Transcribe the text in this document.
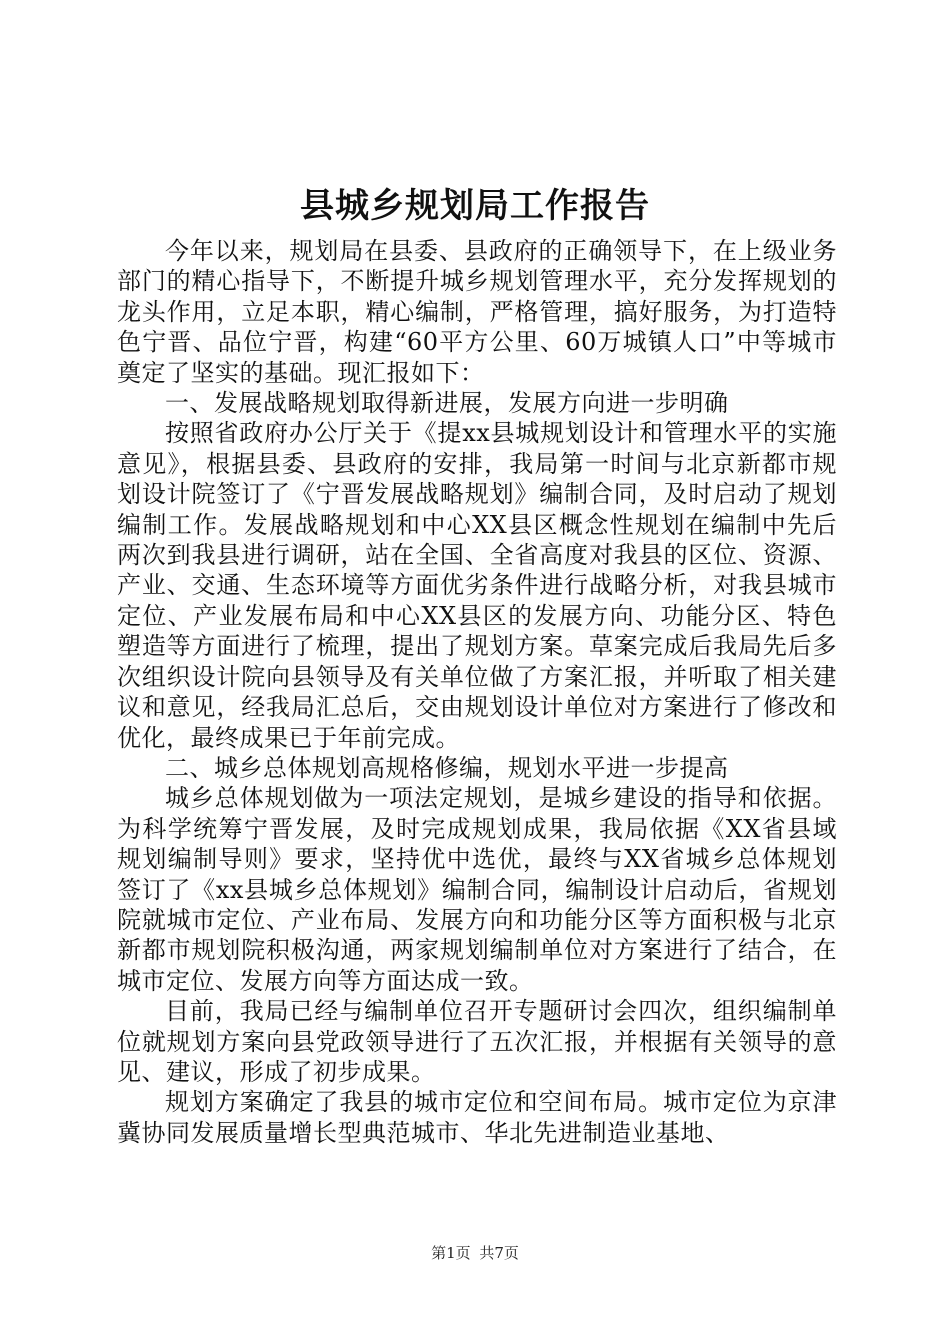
县城乡规划局工作报告

今年以来，规划局在县委、县政府的正确领导下，在上级业务部门的精心指导下，不断提升城乡规划管理水平，充分发挥规划的龙头作用，立足本职，精心编制，严格管理，搞好服务，为打造特色宁晋、品位宁晋，构建“60平方公里、60万城镇人口”中等城市奠定了坚实的基础。现汇报如下：

一、发展战略规划取得新进展，发展方向进一步明确

按照省政府办公厅关于《提xx县城规划设计和管理水平的实施意见》，根据县委、县政府的安排，我局第一时间与北京新都市规划设计院签订了《宁晋发展战略规划》编制合同，及时启动了规划编制工作。发展战略规划和中心XX县区概念性规划在编制中先后两次到我县进行调研，站在全国、全省高度对我县的区位、资源、产业、交通、生态环境等方面优劣条件进行战略分析，对我县城市定位、产业发展布局和中心XX县区的发展方向、功能分区、特色塑造等方面进行了梳理，提出了规划方案。草案完成后我局先后多次组织设计院向县领导及有关单位做了方案汇报，并听取了相关建议和意见，经我局汇总后，交由规划设计单位对方案进行了修改和优化，最终成果已于年前完成。

二、城乡总体规划高规格修编，规划水平进一步提高

城乡总体规划做为一项法定规划，是城乡建设的指导和依据。为科学统筹宁晋发展，及时完成规划成果，我局依据《XX省县域规划编制导则》要求，坚持优中选优，最终与XX省城乡总体规划签订了《xx县城乡总体规划》编制合同，编制设计启动后，省规划院就城市定位、产业布局、发展方向和功能分区等方面积极与北京新都市规划院积极沟通，两家规划编制单位对方案进行了结合，在城市定位、发展方向等方面达成一致。

目前，我局已经与编制单位召开专题研讨会四次，组织编制单位就规划方案向县党政领导进行了五次汇报，并根据有关领导的意见、建议，形成了初步成果。

规划方案确定了我县的城市定位和空间布局。城市定位为京津冀协同发展质量增长型典范城市、华北先进制造业基地、

第1页 共7页
